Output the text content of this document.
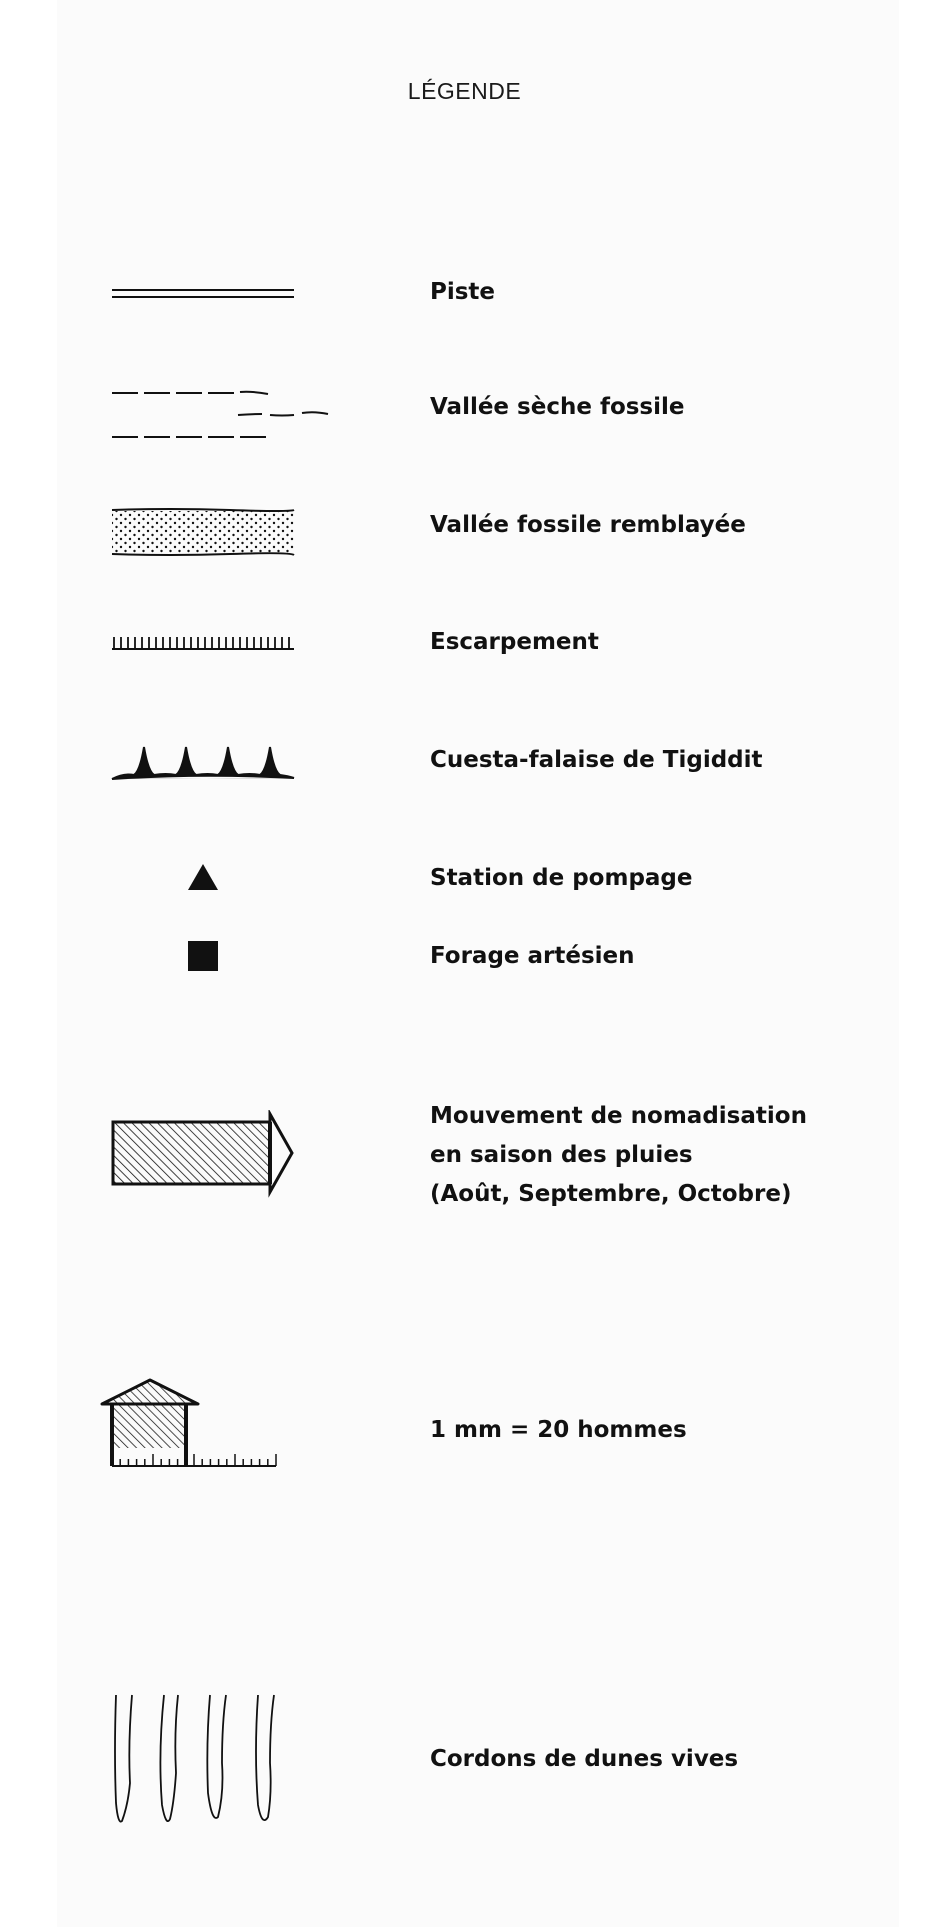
LÉGENDE
Piste
Vallée sèche fossile
Vallée fossile remblayée
Escarpement
Cuesta-falaise de Tigiddit
Station de pompage
Forage artésien
Mouvement de nomadisation
en saison des pluies
(Août, Septembre, Octobre)
1 mm = 20 hommes
Cordons de dunes vives
